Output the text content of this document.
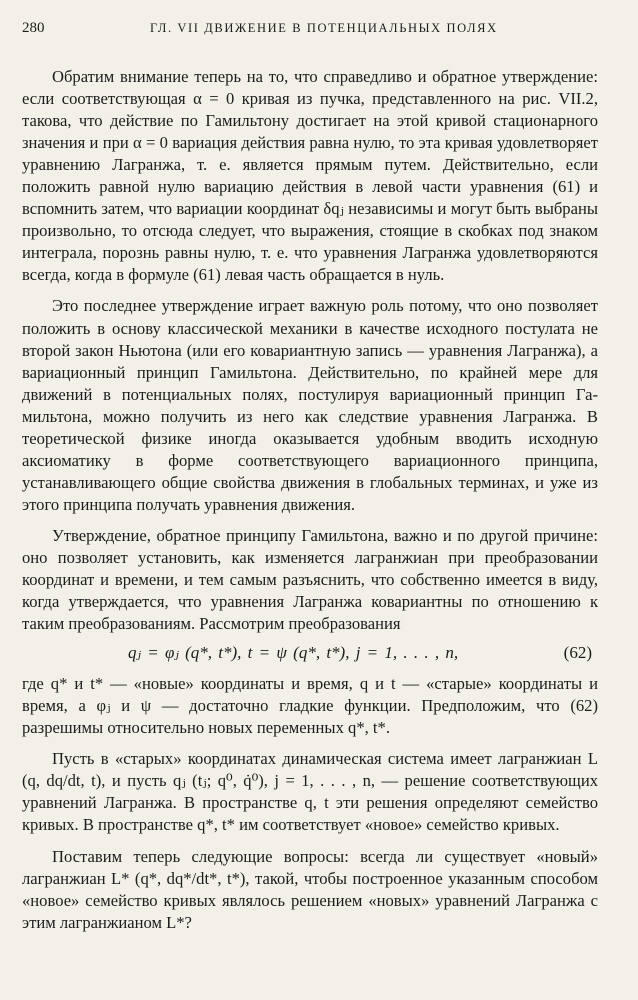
280	ГЛ. VII ДВИЖЕНИЕ В ПОТЕНЦИАЛЬНЫХ ПОЛЯХ

Обратим внимание теперь на то, что справедливо и обратное утверждение: если соответствующая α = 0 кривая из пучка, представленного на рис. VII.2, такова, что действие по Гамильтону достигает на этой кривой стационарного значения и при α = 0 вариация действия равна нулю, то эта кривая удовлетворяет уравнению Лагранжа, т. е. является прямым путем. Действительно, если положить равной нулю вариацию действия в левой части уравнения (61) и вспомнить затем, что вариации координат δqⱼ независимы и могут быть выбраны произвольно, то отсюда следует, что выражения, стоящие в скобках под знаком интеграла, порознь равны нулю, т. е. что уравнения Лагранжа удовлетворяются всегда, когда в формуле (61) левая часть обращается в нуль.

Это последнее утверждение играет важную роль потому, что оно позволяет положить в основу классической механики в качестве исходного постулата не второй закон Ньютона (или его ковариантную запись — уравнения Лагранжа), а вариационный принцип Гамильтона. Действительно, по крайней мере для движений в потенциальных полях, постулируя вариационный принцип Гамильтона, можно получить из него как следствие уравнения Лагранжа. В теоретической физике иногда оказывается удобным вводить исходную аксиоматику в форме соответствующего вариационного принципа, устанавливающего общие свойства движения в глобальных терминах, и уже из этого принципа получать уравнения движения.

Утверждение, обратное принципу Гамильтона, важно и по другой причине: оно позволяет установить, как изменяется лагранжиан при преобразовании координат и времени, и тем самым разъяснить, что собственно имеется в виду, когда утверждается, что уравнения Лагранжа ковариантны по отношению к таким преобразованиям. Рассмотрим преобразования

qⱼ = φⱼ (q*, t*), t = ψ (q*, t*), j = 1, . . . , n,	(62)

где q* и t* — «новые» координаты и время, q и t — «старые» координаты и время, а φⱼ и ψ — достаточно гладкие функции. Предположим, что (62) разрешимы относительно новых переменных q*, t*.

Пусть в «старых» координатах динамическая система имеет лагранжиан L (q, dq/dt, t), и пусть qⱼ (tⱼ; q⁰, q̇⁰), j = 1, . . . , n, — решение соответствующих уравнений Лагранжа. В пространстве q, t эти решения определяют семейство кривых. В пространстве q*, t* им соответствует «новое» семейство кривых.

Поставим теперь следующие вопросы: всегда ли существует «новый» лагранжиан L* (q*, dq*/dt*, t*), такой, чтобы построенное указанным способом «новое» семейство кривых являлось решением «новых» уравнений Лагранжа с этим лагранжианом L*?
